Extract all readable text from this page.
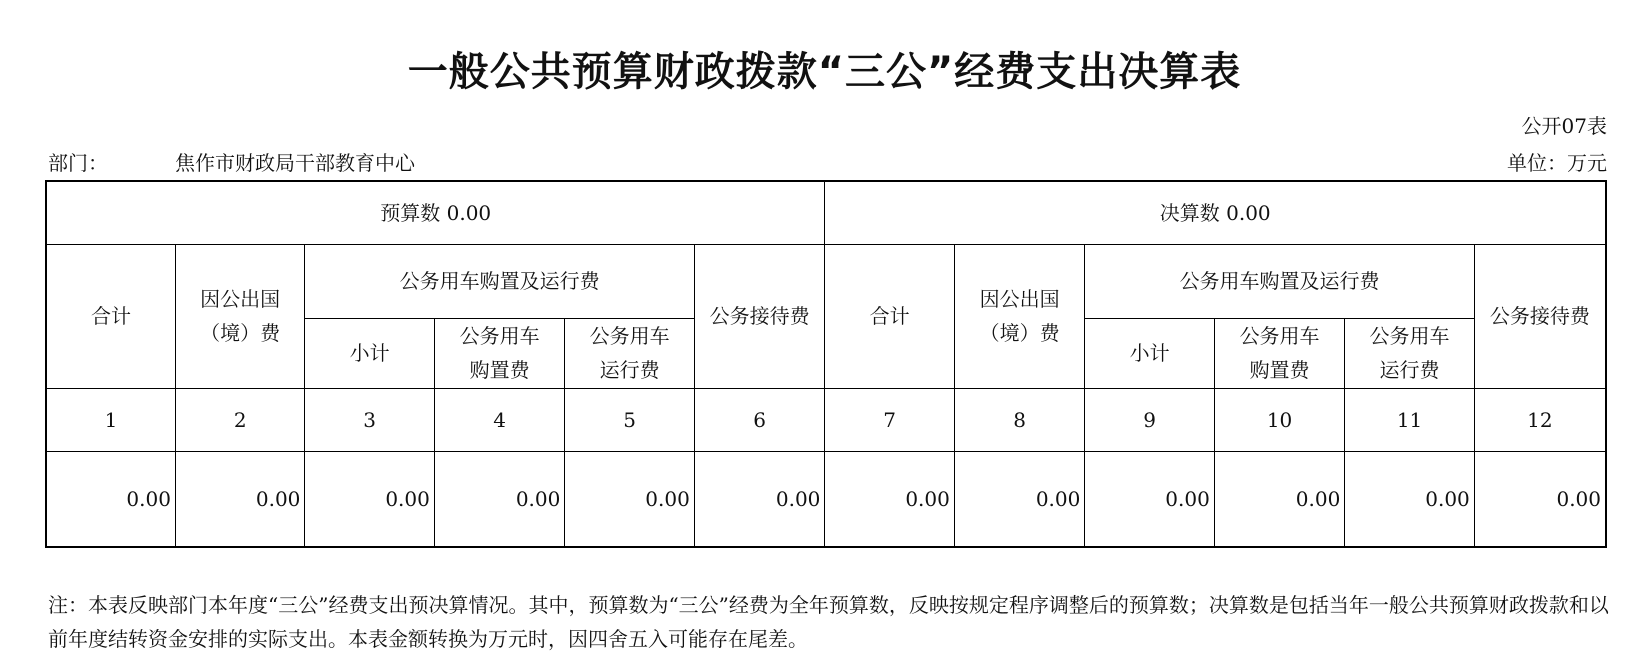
一般公共预算财政拨款“三公”经费支出决算表
公开07表
部门：	焦作市财政局干部教育中心	单位：万元
预算数 0.00						决算数 0.00					
合计	因公出国（境）费	公务用车购置及运行费			公务接待费	合计	因公出国（境）费	公务用车购置及运行费			公务接待费
		小计	公务用车购置费	公务用车运行费				小计	公务用车购置费	公务用车运行费	
1	2	3	4	5	6	7	8	9	10	11	12
0.00	0.00	0.00	0.00	0.00	0.00	0.00	0.00	0.00	0.00	0.00	0.00
注：本表反映部门本年度“三公”经费支出预决算情况。其中，预算数为“三公”经费为全年预算数，反映按规定程序调整后的预算数；决算数是包括当年一般公共预算财政拨款和以前年度结转资金安排的实际支出。本表金额转换为万元时，因四舍五入可能存在尾差。
